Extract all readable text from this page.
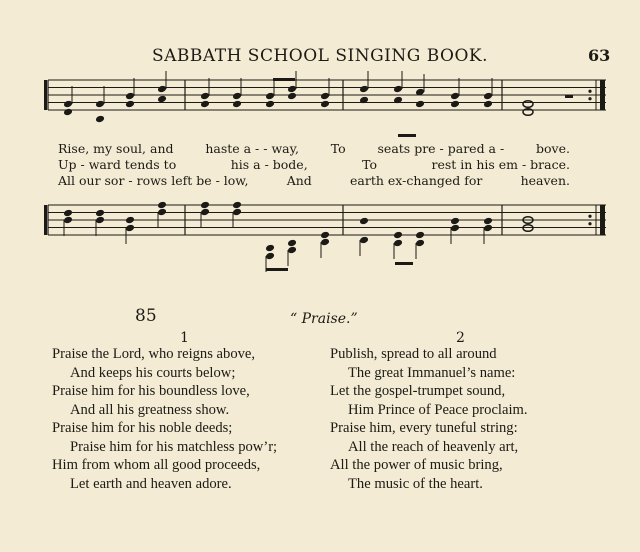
SABBATH SCHOOL SINGING BOOK.	63
Rise, my soul, and	haste a - - way,	To	seats pre - pared a -	bove.
Up - ward tends to	his a - bode,	To	rest in his em - brace.
All our sor - rows left be - low,	And	earth ex-changed for	heaven.
85	“ Praise.”
1	2
Praise the Lord, who reigns above,
And keeps his courts below;
Praise him for his boundless love,
And all his greatness show.
Praise him for his noble deeds;
Praise him for his matchless pow’r;
Him from whom all good proceeds,
Let earth and heaven adore.
Publish, spread to all around
The great Immanuel’s name:
Let the gospel-trumpet sound,
Him Prince of Peace proclaim.
Praise him, every tuneful string:
All the reach of heavenly art,
All the power of music bring,
The music of the heart.
